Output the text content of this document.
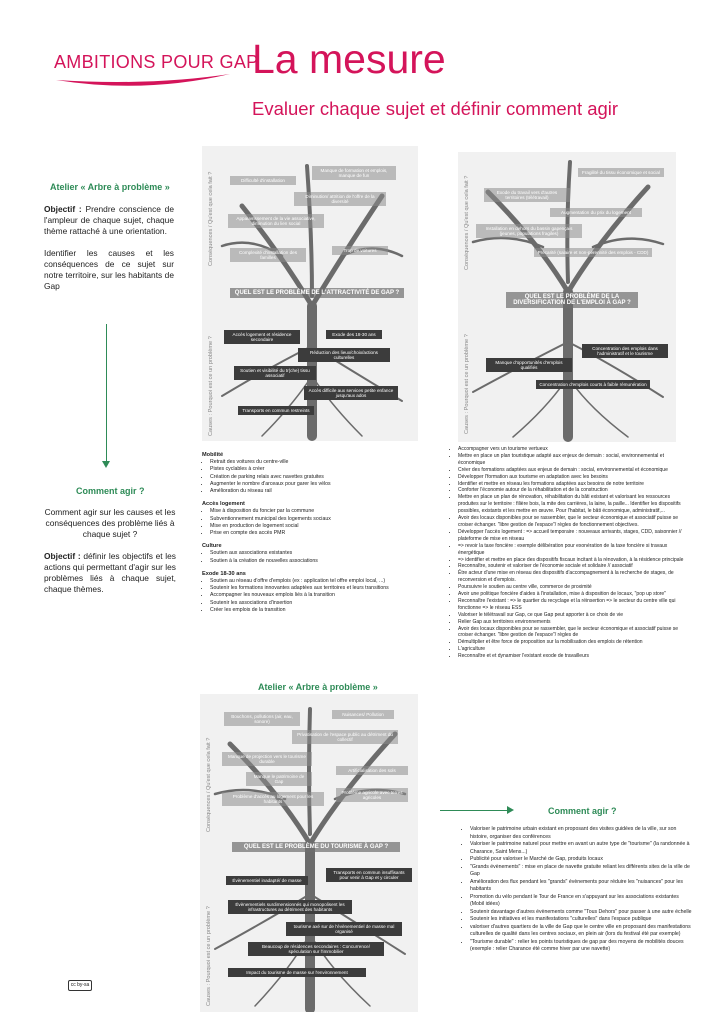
AMBITIONS POUR GAP
La mesure
Evaluer chaque sujet et définir comment agir
Atelier « Arbre à problème »

Objectif : Prendre conscience de l'ampleur de chaque sujet, chaque thème rattaché à une orientation.

Identifier les causes et les conséquences de ce sujet sur notre territoire, sur les habitants de Gap

Comment agir ?

Comment agir sur les causes et les conséquences des problème liés à chaque sujet ?

Objectif : définir les objectifs et les actions qui permettant d'agir sur les problèmes liés à chaque sujet, chaque thèmes.

Conséquences / Qu'est que cela fait ?
Causes : Pourquoi est ce un problème ?
Manque de formation et emplois, manque de fun
Difficulté d'installation
Diminution/ attrition de l'offre de la diversité
Appauvrissement de la vie associative, diminution du lien social
Complexité d'installation des familles
Trop de voitures
QUEL EST LE PROBLÈME DE L'ATTRACTIVITÉ DE GAP ?
Accès logement et résidence secondaire
Exode des 18-30 ans
Réduction des lieux/choix/actions culturelles
Soutien et visibilité du tr(che) tissu associatif
Accès difficile aux services petite enfance jusqu'aux ados
Transports en commun restreints
Conséquences / Qu'est que cela fait ?
Causes : Pourquoi est ce un problème ?
Fragilité du tissu économique et social
Exode du travail vers d'autres territoires (télétravail)
Augmentation du prix du logement
Installation en dehors du bassin gapençais (jeunes, populations fragiles)
Précarité (salaire et non-pérennité des emplois - CDD)
QUEL EST LE PROBLÈME DE LA DIVERSIFICATION DE L'EMPLOI À GAP ?
Concentration des emplois dans l'administratif et le tourisme
Manque d'opportunités d'emplois qualifiés
Concentration d'emplois courts à faible rémunération
Mobilité
• Retrait des voitures du centre-ville
• Pistes cyclables à créer
• Création de parking relais avec navettes gratuites
• Augmenter le nombre d'arceaux pour garer les vélos
• Amélioration du réseau rail
Accès logement
• Mise à disposition du foncier par la commune
• Subventionnement municipal des logements sociaux
• Mise en production de logement social
• Prise en compte des accès PMR
Culture
• Soutien aux associations existantes
• Soutien à la création de nouvelles associations
Exode 18-30 ans
• Soutien au réseau d'offre d'emplois (ex : application tel offre emploi local, ...)
• Soutenir les formations innovantes adaptées aux territoires et leurs transitions
• Accompagner les nouveaux emplois liés à la transition
• Soutenir les associations d'insertion
• Créer les emplois de la transition
• Accompagner vers un tourisme vertueux
• Mettre en place un plan touristique adapté aux enjeux de demain : social, environnemental et économique
• Créer des formations adaptées aux enjeux de demain : social, environnemental et économique
• Développer l'formation aux tourisme en adaptation avec les besoins
• Identifier et mettre en réseau les formations adaptées aux besoins de notre territoire
• Conforter l'économie autour de la réhabilitation et de la construction
• Mettre en place un plan de rénovation, réhabilitation du bâti existant et valorisant les ressources produites sur le territoire : filière bois, la mite des carrières, la laine, la paille... Identifier les dispositifs possibles, existants et les mettre en œuvre. Pour l'habitat, le bâti économique, administratif,...
• Avoir des locaux disponibles pour se rassembler, que le secteur économique et associatif puisse se croiser échanger. "libre gestion de l'espace"/ règles de fonctionnement objectives.
• Développer l'accès logement : => accueil temporaire : nouveaux arrivants, stages, CDD, saisonnier // plateforme de mise en réseau
• => revoir la taxe foncière : exemple délibération pour exonération de la taxe foncière si travaux énergétique
• => identifier et mettre en place des dispositifs fiscaux incitant à la rénovation, à la résidence principale
• Reconnaître, soutenir et valoriser de l'économie sociale et solidaire // associatif
• Être acteur d'une mise en réseau des dispositifs d'accompagnement à la recherche de stages, de reconversion et d'emplois.
• Poursuivre le soutien au centre ville, commerce de proximité
• Avoir une politique foncière d'aides à l'installation, mise à disposition de locaux, "pop up store"
• Reconnaître l'existant : => le quartier du recyclage et la réinsertion => le secteur du centre ville qui fonctionne => le réseau ESS
• Valoriser le télétravail sur Gap, ce que Gap peut apporter à ce choix de vie
• Relier Gap aux territoires environnements
• Avoir des locaux disponibles pour se rassembler, que le secteur économique et associatif puisse se croiser échanger. "libre gestion de l'espace"/ règles de
• Démultiplier et être force de proposition sur la mobilisation des emplois de rétention
• L'agriculture
• Reconnaître et et dynamiser l'existant exode de travailleurs
Atelier « Arbre à problème »
Conséquences / Qu'est que cela fait ?
Causes : Pourquoi est ce un problème ?
Bouchons, pollutions (air, eau, sonore)
Nuisances/ Pollution
Privatisation de l'espace public au détriment du collectif
Manque de projection vers le tourisme durable
Manque le patrimoine de Gap
Artificialisation des sols
Problème d'accès au logement pour les habitants
Problème agricole avec terres agricoles
QUEL EST LE PROBLÈME DU TOURISME À GAP ?
Évènementiel inadapté/ de masse
Transports en commun insuffisants pour venir à Gap et y circuler
Évènementiels surdimensionnés qui monopolisent les infrastructures au détriment des habitants
tourisme axé sur de l'évènementiel de masse mal organisé
Beaucoup de résidences secondaires : Concurrence/ spéculation sur l'immobilier
Impact du tourisme de masse sur l'environnement
Comment agir ?
• Valoriser le patrimoine urbain existant en proposant des visites guidées de la ville, sur son histoire, organiser des conférences
• Valoriser le patrimoine naturel pour mettre en avant un autre type de "tourisme" (la randonnée à Charance, Saint Mens...)
• Publicité pour valoriser le Marché de Gap, produits locaux
• "Grands évènements" : mise en place de navette gratuite reliant les différents sites de la ville de Gap
• Amélioration des flux pendant les "grands" évènements pour réduire les "nuisances" pour les habitants
• Promotion du vélo pendant le Tour de France en s'appuyant sur les associations existantes (Mobil idées)
• Soutenir davantage d'autres évènements comme "Tous Dehors" pour passer à une autre échelle
• Soutenir les initiatives et les manifestations "culturelles" dans l'espace publique
• valoriser d'autres quartiers de la ville de Gap que le centre ville en proposant des manifestations culturelles de qualité dans les centres sociaux, en plein air (lors du festival été par exemple)
• "Tourisme durable" : relier les points touristiques de gap par des moyens de mobilités douces (exemple : relier Charance été comme hiver par une navette)
cc by-sa
